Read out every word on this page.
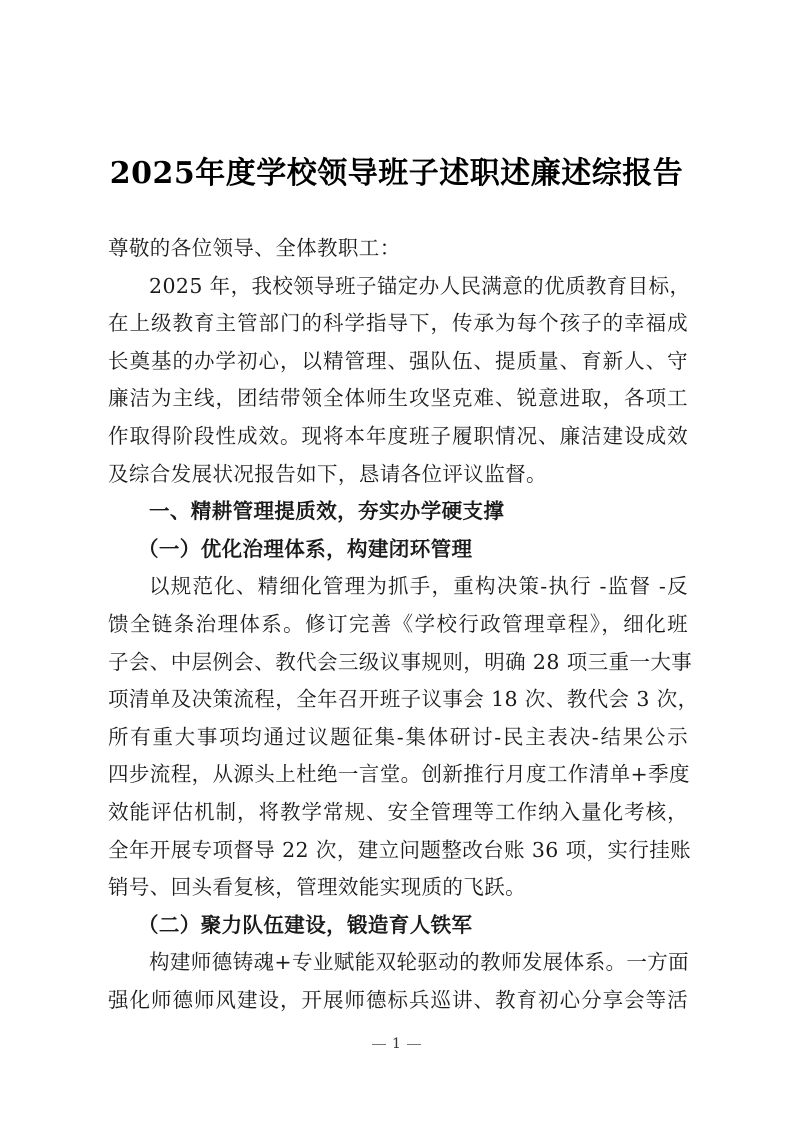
2025年度学校领导班子述职述廉述综报告
尊敬的各位领导、全体教职工：
2025 年，我校领导班子锚定办人民满意的优质教育目标，
在上级教育主管部门的科学指导下，传承为每个孩子的幸福成
长奠基的办学初心，以精管理、强队伍、提质量、育新人、守
廉洁为主线，团结带领全体师生攻坚克难、锐意进取，各项工
作取得阶段性成效。现将本年度班子履职情况、廉洁建设成效
及综合发展状况报告如下，恳请各位评议监督。
一、精耕管理提质效，夯实办学硬支撑
（一）优化治理体系，构建闭环管理
以规范化、精细化管理为抓手，重构决策-执行 -监督 -反
馈全链条治理体系。修订完善《学校行政管理章程》，细化班
子会、中层例会、教代会三级议事规则，明确 28 项三重一大事
项清单及决策流程，全年召开班子议事会 18 次、教代会 3 次，
所有重大事项均通过议题征集-集体研讨-民主表决-结果公示
四步流程，从源头上杜绝一言堂。创新推行月度工作清单+季度
效能评估机制，将教学常规、安全管理等工作纳入量化考核，
全年开展专项督导 22 次，建立问题整改台账 36 项，实行挂账
销号、回头看复核，管理效能实现质的飞跃。
（二）聚力队伍建设，锻造育人铁军
构建师德铸魂+专业赋能双轮驱动的教师发展体系。一方面
强化师德师风建设，开展师德标兵巡讲、教育初心分享会等活
1
